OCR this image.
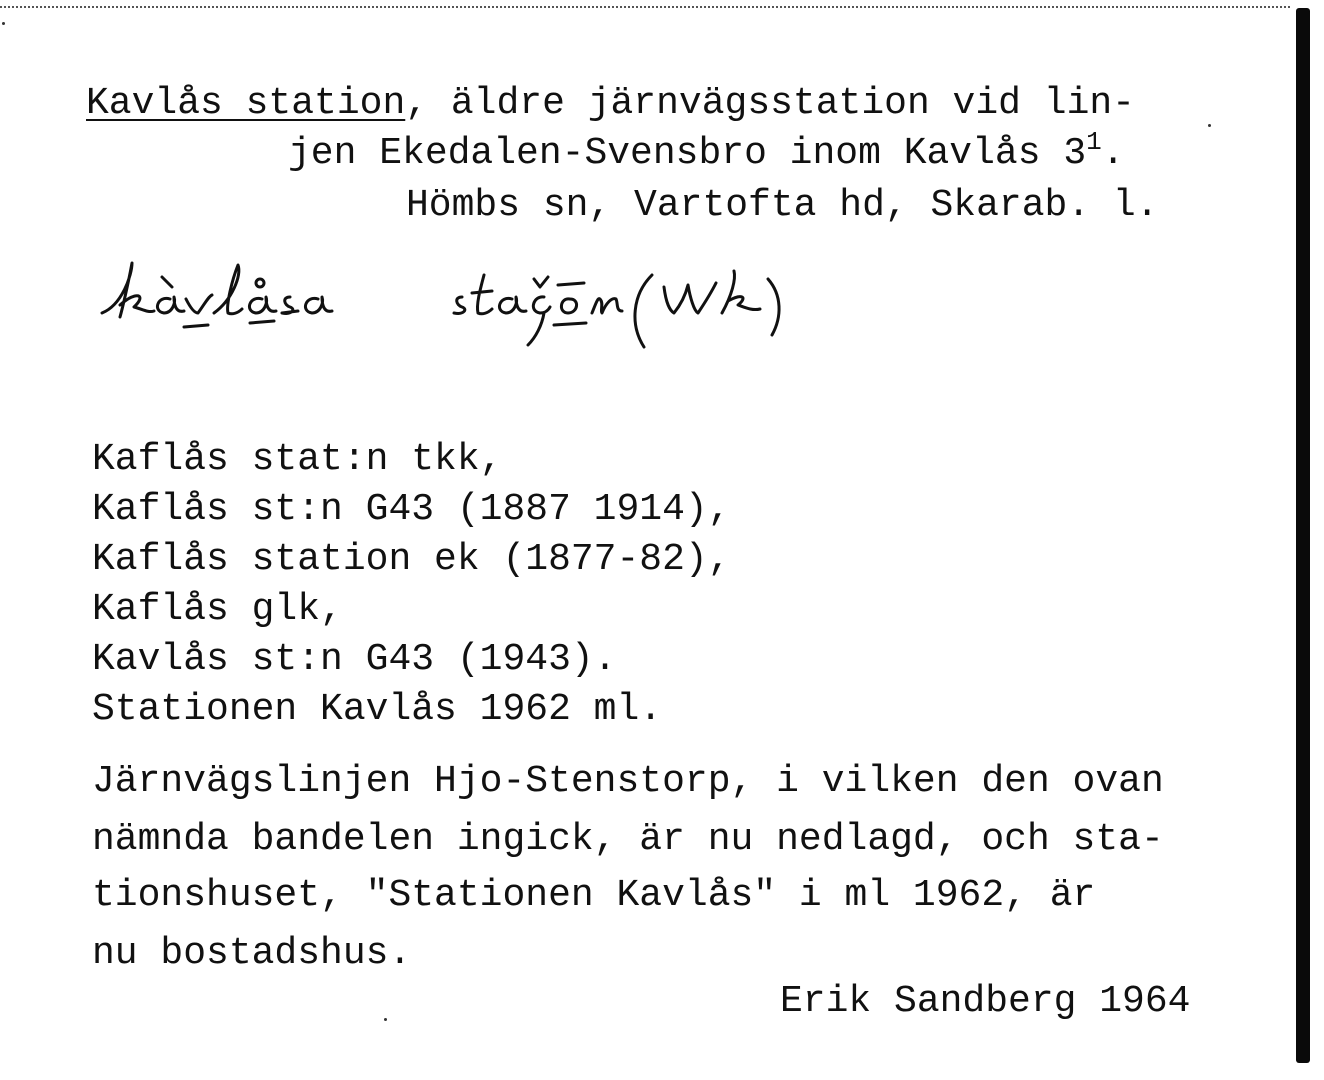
Kavlås station, äldre järnvägsstation vid lin-
jen Ekedalen-Svensbro inom Kavlås $3^1$.
Hömbs sn, Vartofta hd, Skarab. l.
Kaflås stat:n tkk,
Kaflås st:n G43 (1887 1914),
Kaflås station ek (1877-82),
Kaflås glk,
Kavlås st:n G43 (1943).
Stationen Kavlås 1962 ml.
Järnvägslinjen Hjo-Stenstorp, i vilken den ovan
nämnda bandelen ingick, är nu nedlagd, och sta-
tionshuset, "Stationen Kavlås" i ml 1962, är
nu bostadshus.
Erik Sandberg 1964
